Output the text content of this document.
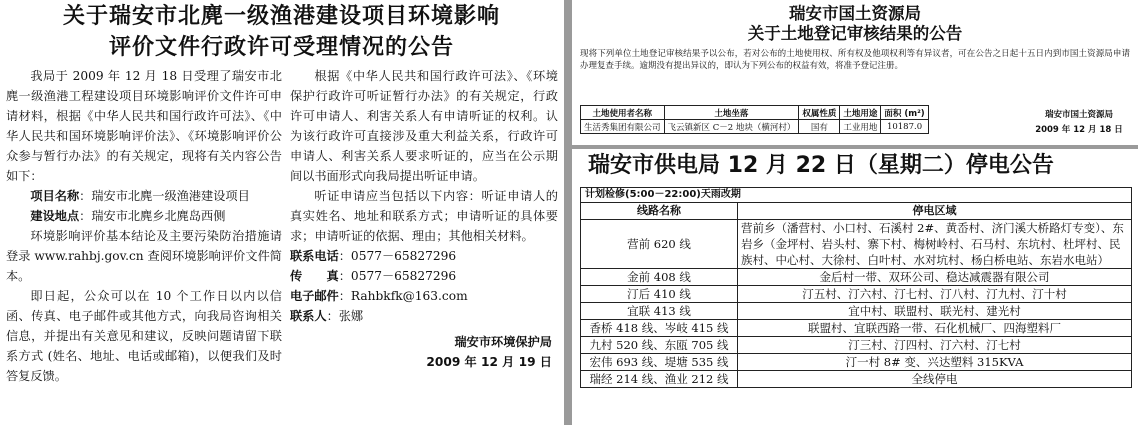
关于瑞安市北麂一级渔港建设项目环境影响
评价文件行政许可受理情况的公告

我局于 2009 年 12 月 18 日受理了瑞安市北麂一级渔港工程建设项目环境影响评价文件许可申请材料，根据《中华人民共和国行政许可法》、《中华人民共和国环境影响评价法》、《环境影响评价公众参与暂行办法》的有关规定，现将有关内容公告如下：

项目名称：瑞安市北麂一级渔港建设项目

建设地点：瑞安市北麂乡北麂岛西侧

环境影响评价基本结论及主要污染防治措施请登录 www.rahbj.gov.cn 查阅环境影响评价文件简本。

即日起，公众可以在 10 个工作日以内以信函、传真、电子邮件或其他方式，向我局咨询相关信息，并提出有关意见和建议，反映问题请留下联系方式 (姓名、地址、电话或邮箱)，以便我们及时答复反馈。

根据《中华人民共和国行政许可法》、《环境保护行政许可听证暂行办法》的有关规定，行政许可申请人、利害关系人有申请听证的权利。认为该行政许可直接涉及重大利益关系，行政许可申请人、利害关系人要求听证的，应当在公示期间以书面形式向我局提出听证申请。

听证申请应当包括以下内容：听证申请人的真实姓名、地址和联系方式；申请听证的具体要求；申请听证的依据、理由；其他相关材料。

联系电话：0577－65827296

传　　真：0577－65827296

电子邮件：Rahbkfk@163.com

联系人：张娜

瑞安市环境保护局

2009 年 12 月 19 日

瑞安市国土资源局
关于土地登记审核结果的公告
现将下列单位土地登记审核结果予以公布，若对公布的土地使用权、所有权及他项权利等有异议者，可在公告之日起十五日内到市国土资源局申请办理复查手续。逾期没有提出异议的，即认为下列公布的权益有效，将准予登记注册。
土地使用者名称	土地坐落	权属性质	土地用途	面积 (m²)
生活秀集团有限公司	飞云镇新区 C－2 地块（横河村）	国有	工业用地	10187.0
瑞安市国土资源局
2009 年 12 月 18 日
瑞安市供电局 12 月 22 日（星期二）停电公告
计划检修(5:00－22:00)天雨改期
线路名称	停电区域
营前 620 线	营前乡（潘营村、小口村、石溪村 2#、黄岙村、济门溪大桥路灯专变）、东岩乡（金坪村、岩头村、寨下村、梅树岭村、石马村、东坑村、杜坪村、民族村、中心村、大徐村、白叶村、水对坑村、杨白桥电站、东岩水电站）
金前 408 线	金后村一带、双环公司、稳达减震器有限公司
汀后 410 线	汀五村、汀六村、汀七村、汀八村、汀九村、汀十村
宜联 413 线	宜中村、联盟村、联光村、建光村
香桥 418 线、岑岐 415 线	联盟村、宜联西路一带、石化机械厂、四海塑料厂
九村 520 线、东瓯 705 线	汀三村、汀四村、汀六村、汀七村
宏伟 693 线、堤塘 535 线	汀一村 8# 变、兴达塑料 315KVA
瑞经 214 线、渔业 212 线	全线停电
